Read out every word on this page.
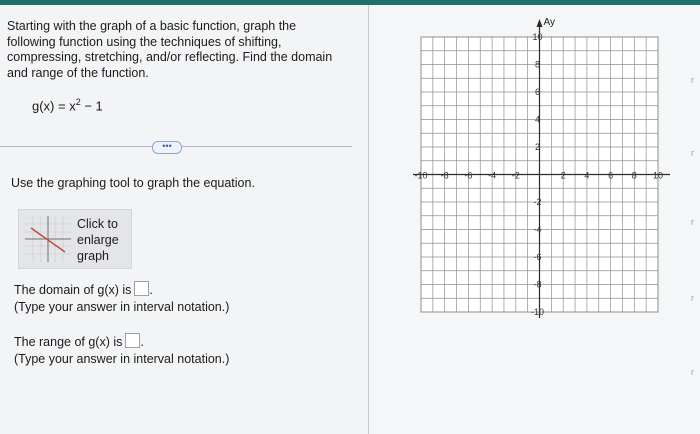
Starting with the graph of a basic function, graph the
following function using the techniques of shifting,
compressing, stretching, and/or reflecting. Find the domain
and range of the function.
$g(x) = x^2 - 1$
•••
Use the graphing tool to graph the equation.
Click to
enlarge
graph
The domain of g(x) is .
(Type your answer in interval notation.)
The range of g(x) is .
(Type your answer in interval notation.)
Ay
-10 -8 -6 -4 -2	2 4 6 8 10
10
8
6
4
2
-2
-4
-6
-8
-10
r
r
r
r
r
